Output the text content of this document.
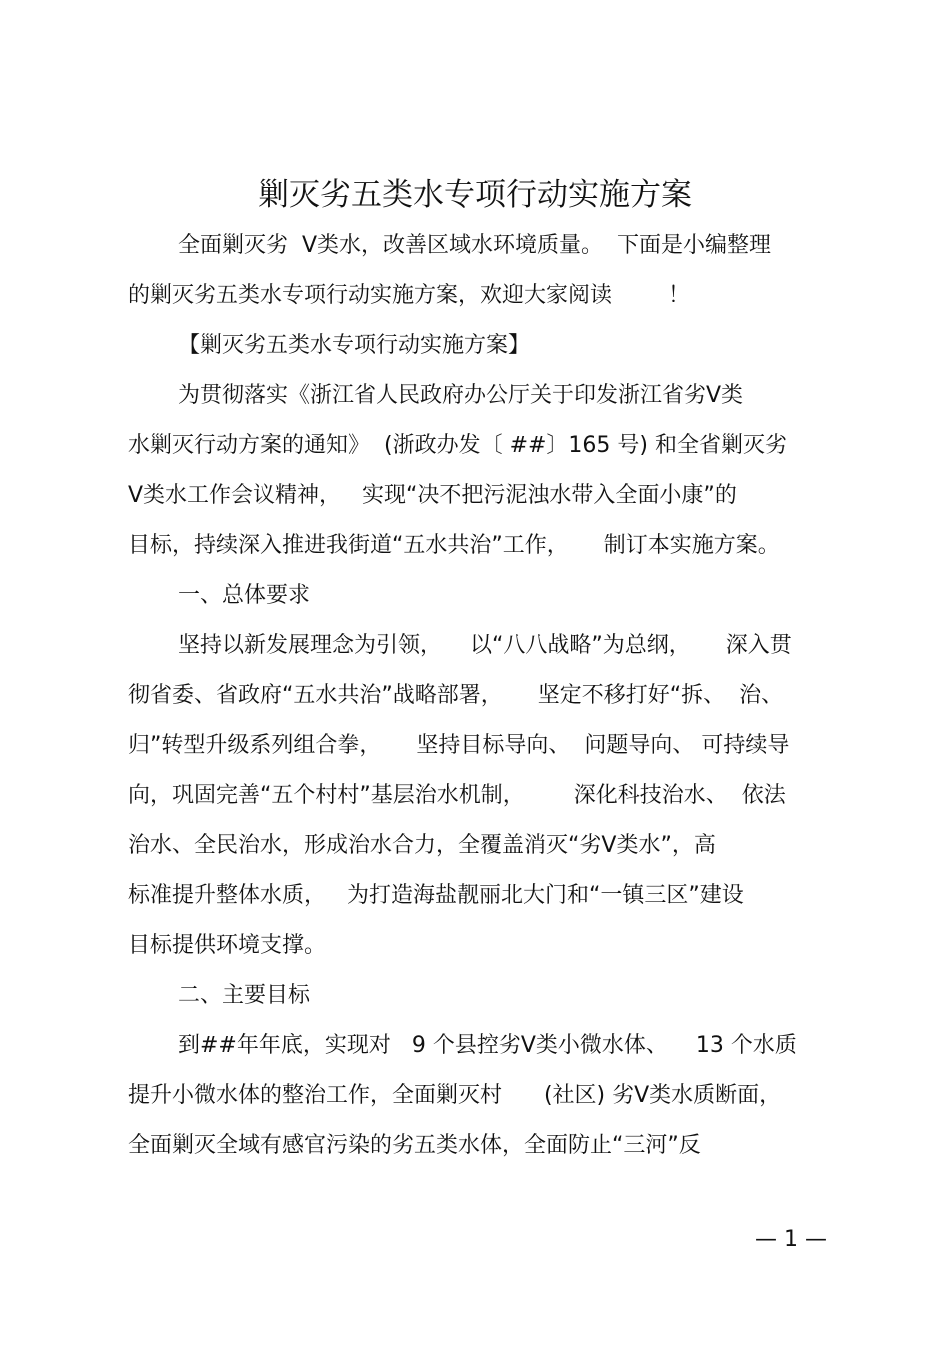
剿灭劣五类水专项行动实施方案
全面剿灭劣  Ⅴ类水，改善区域水环境质量。  下面是小编整理
的剿灭劣五类水专项行动实施方案，欢迎大家阅读        ！
【剿灭劣五类水专项行动实施方案】
为贯彻落实《浙江省人民政府办公厅关于印发浙江省劣Ⅴ类
水剿灭行动方案的通知》  (浙政办发〔 ##〕165 号) 和全省剿灭劣
Ⅴ类水工作会议精神，   实现“决不把污泥浊水带入全面小康”的
目标，持续深入推进我街道“五水共治”工作，     制订本实施方案。
一、总体要求
坚持以新发展理念为引领，    以“八八战略”为总纲，     深入贯
彻省委、省政府“五水共治”战略部署，     坚定不移打好“拆、  治、
归”转型升级系列组合拳，     坚持目标导向、  问题导向、 可持续导
向，巩固完善“五个村村”基层治水机制，       深化科技治水、  依法
治水、全民治水，形成治水合力，全覆盖消灭“劣Ⅴ类水”，高
标准提升整体水质，   为打造海盐靓丽北大门和“一镇三区”建设
目标提供环境支撑。
二、主要目标
到##年年底，实现对   9 个县控劣Ⅴ类小微水体、    13 个水质
提升小微水体的整治工作，全面剿灭村      (社区) 劣Ⅴ类水质断面，
全面剿灭全域有感官污染的劣五类水体，全面防止“三河”反
— 1 —
